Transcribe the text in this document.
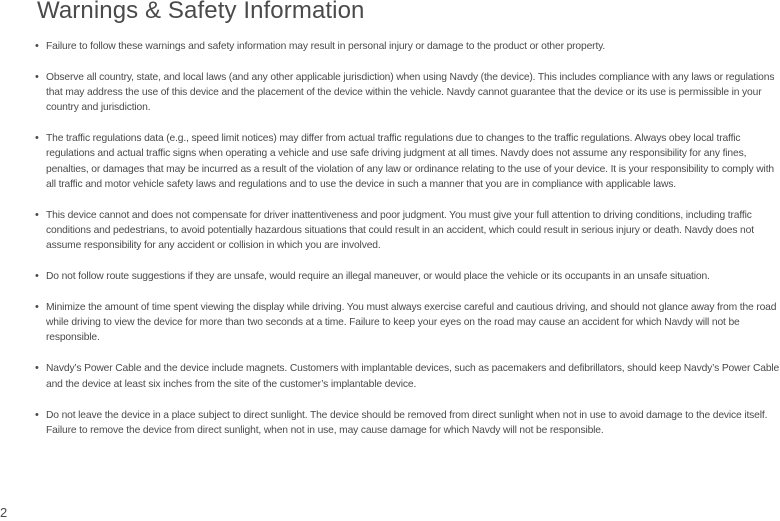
Warnings & Safety Information
• Failure to follow these warnings and safety information may result in personal injury or damage to the product or other property.
• Observe all country, state, and local laws (and any other applicable jurisdiction) when using Navdy (the device). This includes compliance with any laws or regulations that may address the use of this device and the placement of the device within the vehicle. Navdy cannot guarantee that the device or its use is permissible in your country and jurisdiction.
• The traffic regulations data (e.g., speed limit notices) may differ from actual traffic regulations due to changes to the traffic regulations. Always obey local traffic regulations and actual traffic signs when operating a vehicle and use safe driving judgment at all times. Navdy does not assume any responsibility for any fines, penalties, or damages that may be incurred as a result of the violation of any law or ordinance relating to the use of your device. It is your responsibility to comply with all traffic and motor vehicle safety laws and regulations and to use the device in such a manner that you are in compliance with applicable laws.
• This device cannot and does not compensate for driver inattentiveness and poor judgment. You must give your full attention to driving conditions, including traffic conditions and pedestrians, to avoid potentially hazardous situations that could result in an accident, which could result in serious injury or death. Navdy does not assume responsibility for any accident or collision in which you are involved.
• Do not follow route suggestions if they are unsafe, would require an illegal maneuver, or would place the vehicle or its occupants in an unsafe situation.
• Minimize the amount of time spent viewing the display while driving. You must always exercise careful and cautious driving, and should not glance away from the road while driving to view the device for more than two seconds at a time. Failure to keep your eyes on the road may cause an accident for which Navdy will not be responsible.
• Navdy’s Power Cable and the device include magnets. Customers with implantable devices, such as pacemakers and defibrillators, should keep Navdy’s Power Cable and the device at least six inches from the site of the customer’s implantable device.
• Do not leave the device in a place subject to direct sunlight. The device should be removed from direct sunlight when not in use to avoid damage to the device itself. Failure to remove the device from direct sunlight, when not in use, may cause damage for which Navdy will not be responsible.
2
